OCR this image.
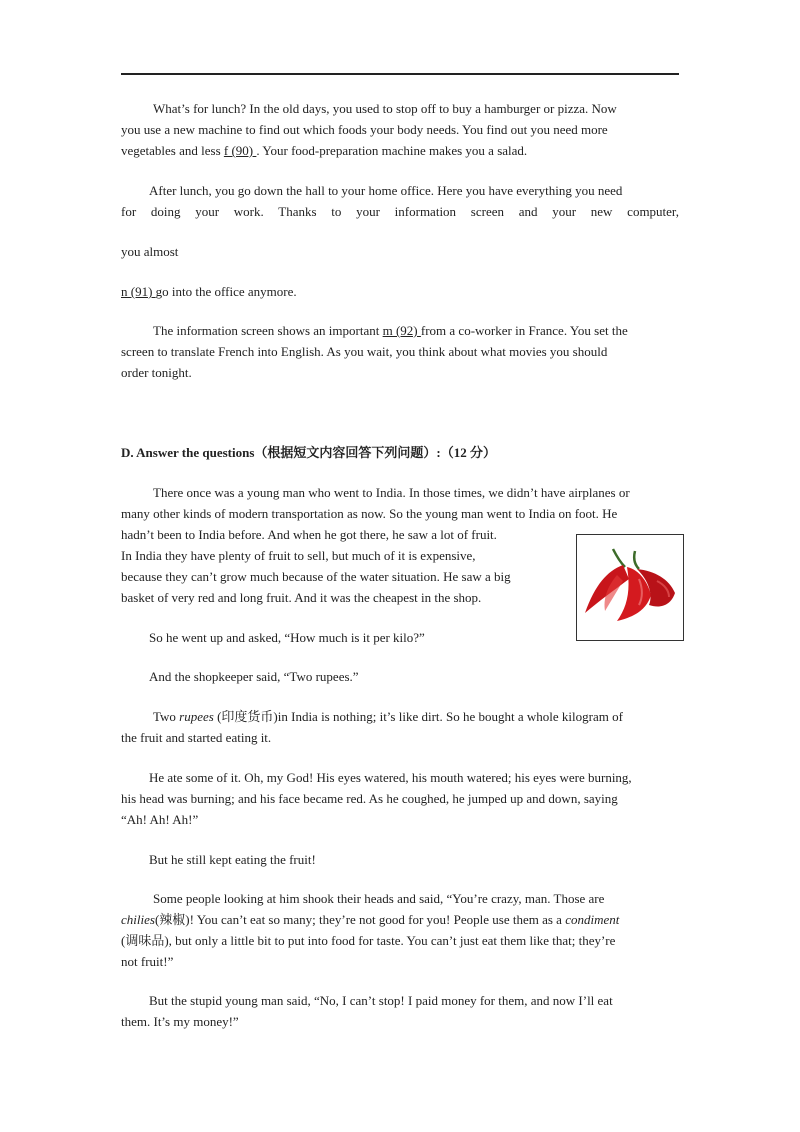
What’s for lunch? In the old days, you used to stop off to buy a hamburger or pizza. Now
you use a new machine to find out which foods your body needs. You find out you need more
vegetables and less f (90) . Your food-preparation machine makes you a salad.
After lunch, you go down the hall to your home office. Here you have everything you need
for doing your work. Thanks to your information screen and your new computer,
you almost
n (91) go into the office anymore.
The information screen shows an important m (92) from a co-worker in France. You set the
screen to translate French into English. As you wait, you think about what movies you should
order tonight.
D. Answer the questions（根据短文内容回答下列问题）:（12 分）
There once was a young man who went to India. In those times, we didn’t have airplanes or
many other kinds of modern transportation as now. So the young man went to India on foot. He
hadn’t been to India before. And when he got there, he saw a lot of fruit.
In India they have plenty of fruit to sell, but much of it is expensive,
because they can’t grow much because of the water situation. He saw a big
basket of very red and long fruit. And it was the cheapest in the shop.
So he went up and asked, “How much is it per kilo?”
And the shopkeeper said, “Two rupees.”
Two rupees (印度货币)in India is nothing; it’s like dirt. So he bought a whole kilogram of
the fruit and started eating it.
He ate some of it. Oh, my God! His eyes watered, his mouth watered; his eyes were burning,
his head was burning; and his face became red. As he coughed, he jumped up and down, saying
“Ah! Ah! Ah!”
But he still kept eating the fruit!
Some people looking at him shook their heads and said, “You’re crazy, man. Those are
chilies(辣椒)! You can’t eat so many; they’re not good for you! People use them as a condiment
(调味品), but only a little bit to put into food for taste. You can’t just eat them like that; they’re
not fruit!”
But the stupid young man said, “No, I can’t stop! I paid money for them, and now I’ll eat
them. It’s my money!”
